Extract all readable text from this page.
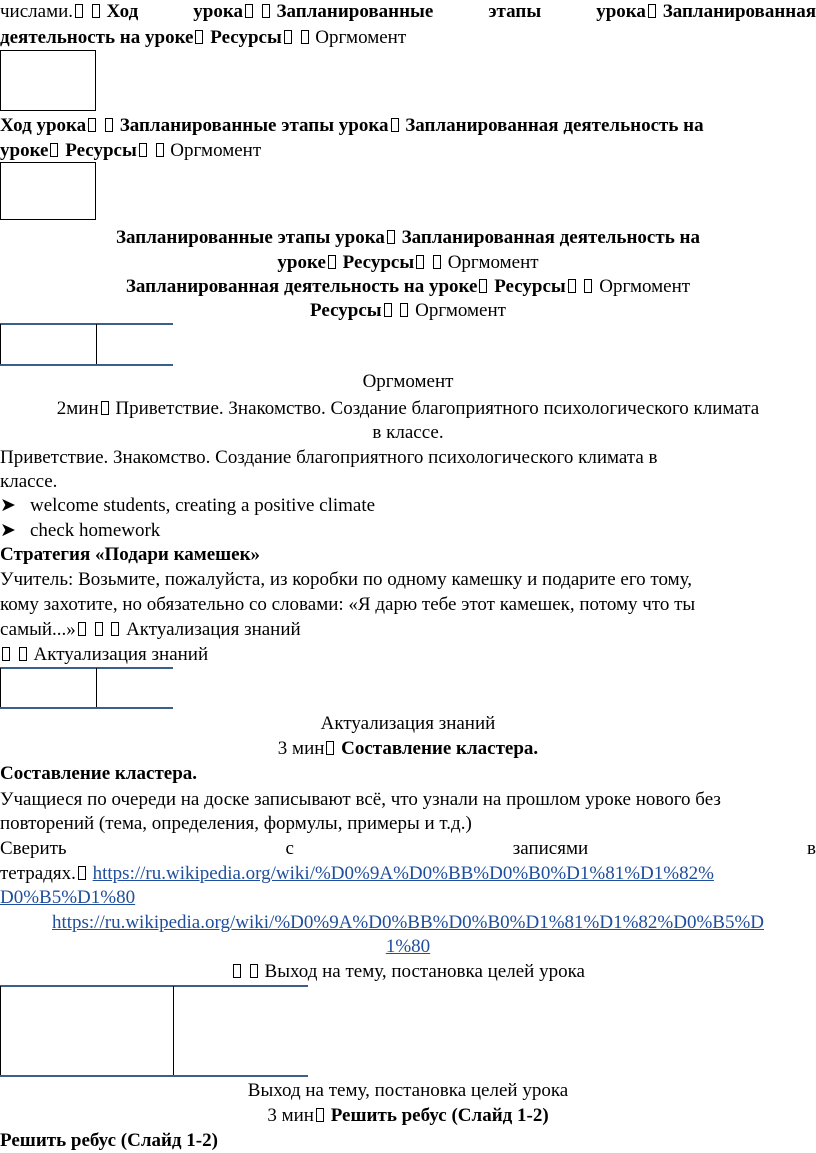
числами. Ход	урока Запланированные	этапы	урока Запланированная
деятельность на уроке Ресурсы Оргмомент
Ход урока Запланированные этапы урока Запланированная деятельность на
уроке Ресурсы Оргмомент
Запланированные этапы урока Запланированная деятельность на
уроке Ресурсы Оргмомент
Запланированная деятельность на уроке Ресурсы Оргмомент
Ресурсы Оргмомент
Оргмомент
2мин Приветствие. Знакомство. Создание благоприятного психологического климата
в классе.
Приветствие. Знакомство. Создание благоприятного психологического климата в
классе.
➤ welcome students, creating a positive climate
➤ check homework
Стратегия «Подари камешек»
Учитель: Возьмите, пожалуйста, из коробки по одному камешку и подарите его тому,
кому захотите, но обязательно со словами: «Я дарю тебе этот камешек, потому что ты
самый...»	Актуализация знаний
Актуализация знаний
Актуализация знаний
3 мин Составление кластера.
Составление кластера.
Учащиеся по очереди на доске записывают всё, что узнали на прошлом уроке нового без
повторений (тема, определения, формулы, примеры и т.д.)
Сверить	с	записями	в
тетрадях. https://ru.wikipedia.org/wiki/%D0%9A%D0%BB%D0%B0%D1%81%D1%82%
D0%B5%D1%80
https://ru.wikipedia.org/wiki/%D0%9A%D0%BB%D0%B0%D1%81%D1%82%D0%B5%D
1%80
Выход на тему, постановка целей урока
Выход на тему, постановка целей урока
3 мин Решить ребус (Слайд 1-2)
Решить ребус (Слайд 1-2)
